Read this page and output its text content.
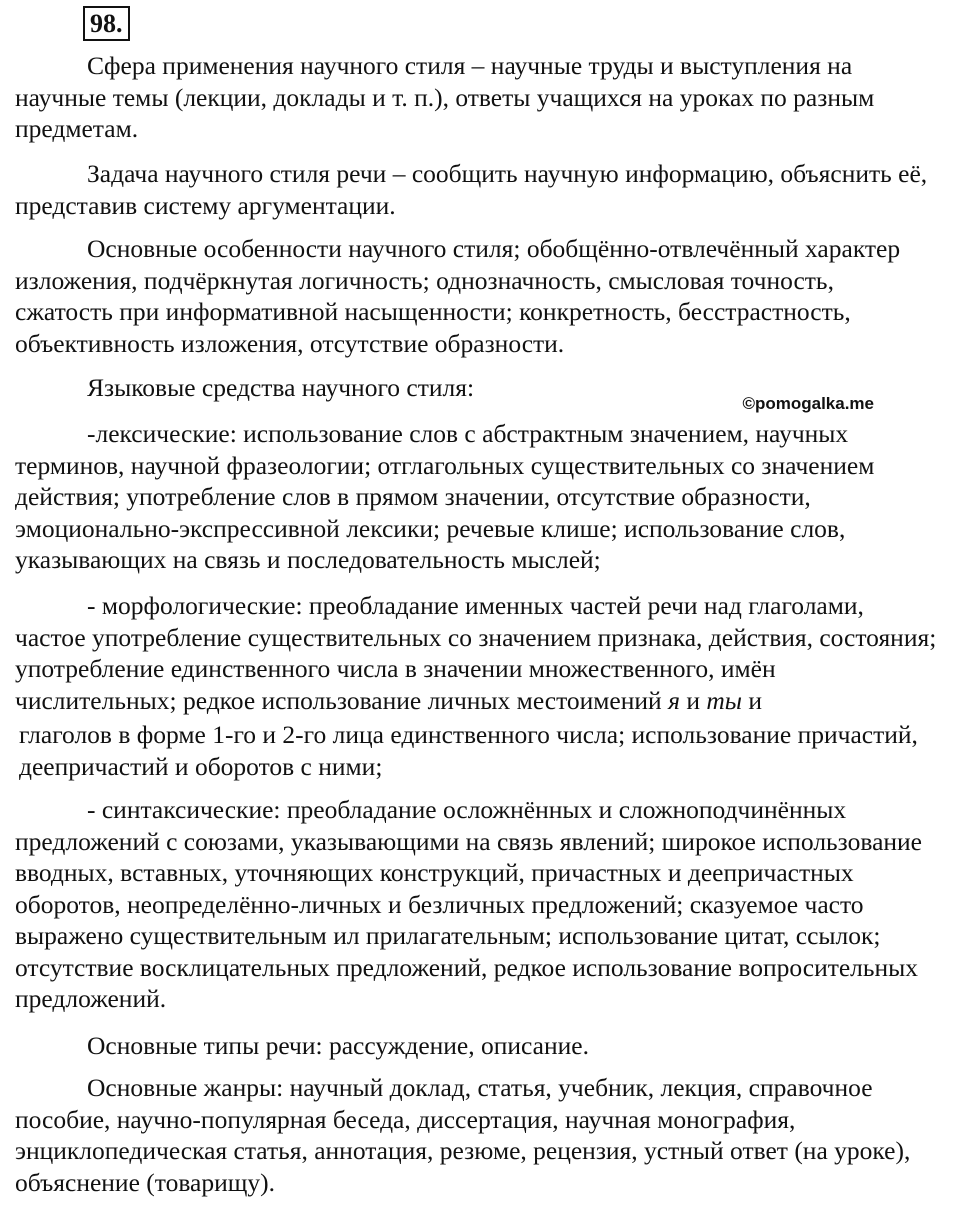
98.

Сфера применения научного стиля – научные труды и выступления на научные темы (лекции, доклады и т. п.), ответы учащихся на уроках по разным предметам.

Задача научного стиля речи – сообщить научную информацию, объяснить её, представив систему аргументации.

Основные особенности научного стиля; обобщённо-отвлечённый характер изложения, подчёркнутая логичность; однозначность, смысловая точность, сжатость при информативной насыщенности; конкретность, бесстрастность, объективность изложения, отсутствие образности.

Языковые средства научного стиля:

©pomogalka.me

-лексические: использование слов с абстрактным значением, научных терминов, научной фразеологии; отглагольных существительных со значением действия; употребление слов в прямом значении, отсутствие образности, эмоционально-экспрессивной лексики; речевые клише; использование слов, указывающих на связь и последовательность мыслей;

- морфологические: преобладание именных частей речи над глаголами, частое употребление существительных со значением признака, действия, состояния; употребление единственного числа в значении множественного, имён числительных; редкое использование личных местоимений я и ты и

глаголов в форме 1-го и 2-го лица единственного числа; использование причастий, деепричастий и оборотов с ними;

- синтаксические: преобладание осложнённых и сложноподчинённых предложений с союзами, указывающими на связь явлений; широкое использование вводных, вставных, уточняющих конструкций, причастных и деепричастных оборотов, неопределённо-личных и безличных предложений; сказуемое часто выражено существительным ил прилагательным; использование цитат, ссылок; отсутствие восклицательных предложений, редкое использование вопросительных предложений.

Основные типы речи: рассуждение, описание.

Основные жанры: научный доклад, статья, учебник, лекция, справочное пособие, научно-популярная беседа, диссертация, научная монография, энциклопедическая статья, аннотация, резюме, рецензия, устный ответ (на уроке), объяснение (товарищу).
